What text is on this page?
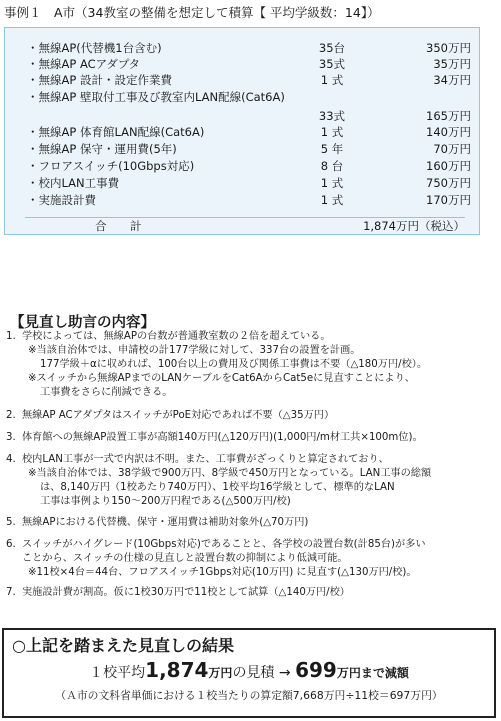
事例１　A市（34教室の整備を想定して積算【 平均学級数：14】）
・無線AP(代替機1台含む)	35台	350万円
・無線AP ACアダプタ	35式	35万円
・無線AP 設計・設定作業費	1 式	34万円
・無線AP 壁取付工事及び教室内LAN配線(Cat6A)
33式	165万円
・無線AP 体育館LAN配線(Cat6A)	1 式	140万円
・無線AP 保守・運用費(5年)	5 年	70万円
・フロアスイッチ(10Gbps対応)	8 台	160万円
・校内LAN工事費	1 式	750万円
・実施設計費	1 式	170万円
合　計	1,874万円（税込）
【見直し助言の内容】
1. 学校によっては、無線APの台数が普通教室数の２倍を超えている。
※当該自治体では、申請校の計177学級に対して、337台の設置を計画。
177学級＋αに収めれば、100台以上の費用及び関係工事費は不要（△180万円/校）。
※スイッチから無線APまでのLANケーブルをCat6AからCat5eに見直すことにより、
工事費をさらに削減できる。
2. 無線AP ACアダプタはスイッチがPoE対応であれば不要（△35万円）
3. 体育館への無線AP設置工事が高額140万円(△120万円)(1,000円/m材工共×100m位)。
4. 校内LAN工事が一式で内訳は不明。また、工事費がざっくりと算定されており、
※当該自治体では、38学級で900万円、8学級で450万円となっている。LAN工事の総額
は、8,140万円（1校あたり740万円）、1校平均16学級として、標準的なLAN
工事は事例より150～200万円程である(△500万円/校)
5. 無線APにおける代替機、保守・運用費は補助対象外(△70万円)
6. スイッチがハイグレード(10Gbps対応)であることと、各学校の設置台数(計85台)が多い
ことから、スイッチの仕様の見直しと設置台数の抑制により低減可能。
※11校×4台＝44台、フロアスイッチ1Gbps対応(10万円) に見直す(△130万円/校)。
7. 実施設計費が割高。仮に1校30万円で11校として試算（△140万円/校）
○上記を踏まえた見直しの結果
１校平均1,874万円の見積 → 699万円まで減額
（Ａ市の文科省単価における１校当たりの算定額7,668万円÷11校＝697万円）
